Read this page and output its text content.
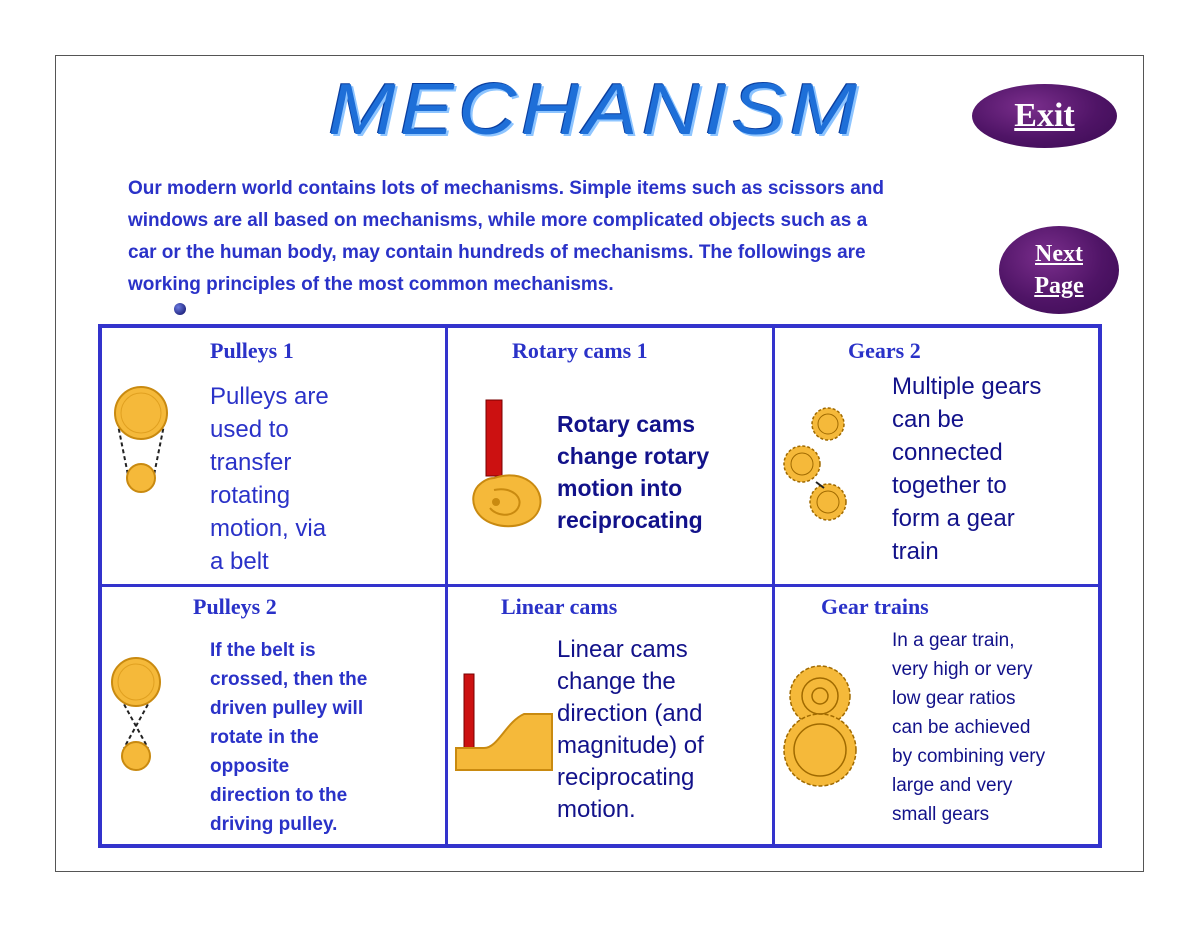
MECHANISM	Exit
Next
Page
Our modern world contains lots of mechanisms. Simple items such as scissors and
windows are all based on mechanisms, while more complicated objects such as a
car or the human body, may contain hundreds of mechanisms. The followings are
working principles of the most common mechanisms.
Pulleys 1
Pulleys are
used to
transfer
rotating
motion, via
a belt
Rotary cams 1
Rotary cams
change rotary
motion into
reciprocating
Gears 2
Multiple gears
can be
connected
together to
form a gear
train
Pulleys 2
If the belt is
crossed, then the
driven pulley will
rotate in the
opposite
direction to the
driving pulley.
Linear cams
Linear cams
change the
direction (and
magnitude) of
reciprocating
motion.
Gear trains
In a gear train,
very high or very
low gear ratios
can be achieved
by combining very
large and very
small gears
